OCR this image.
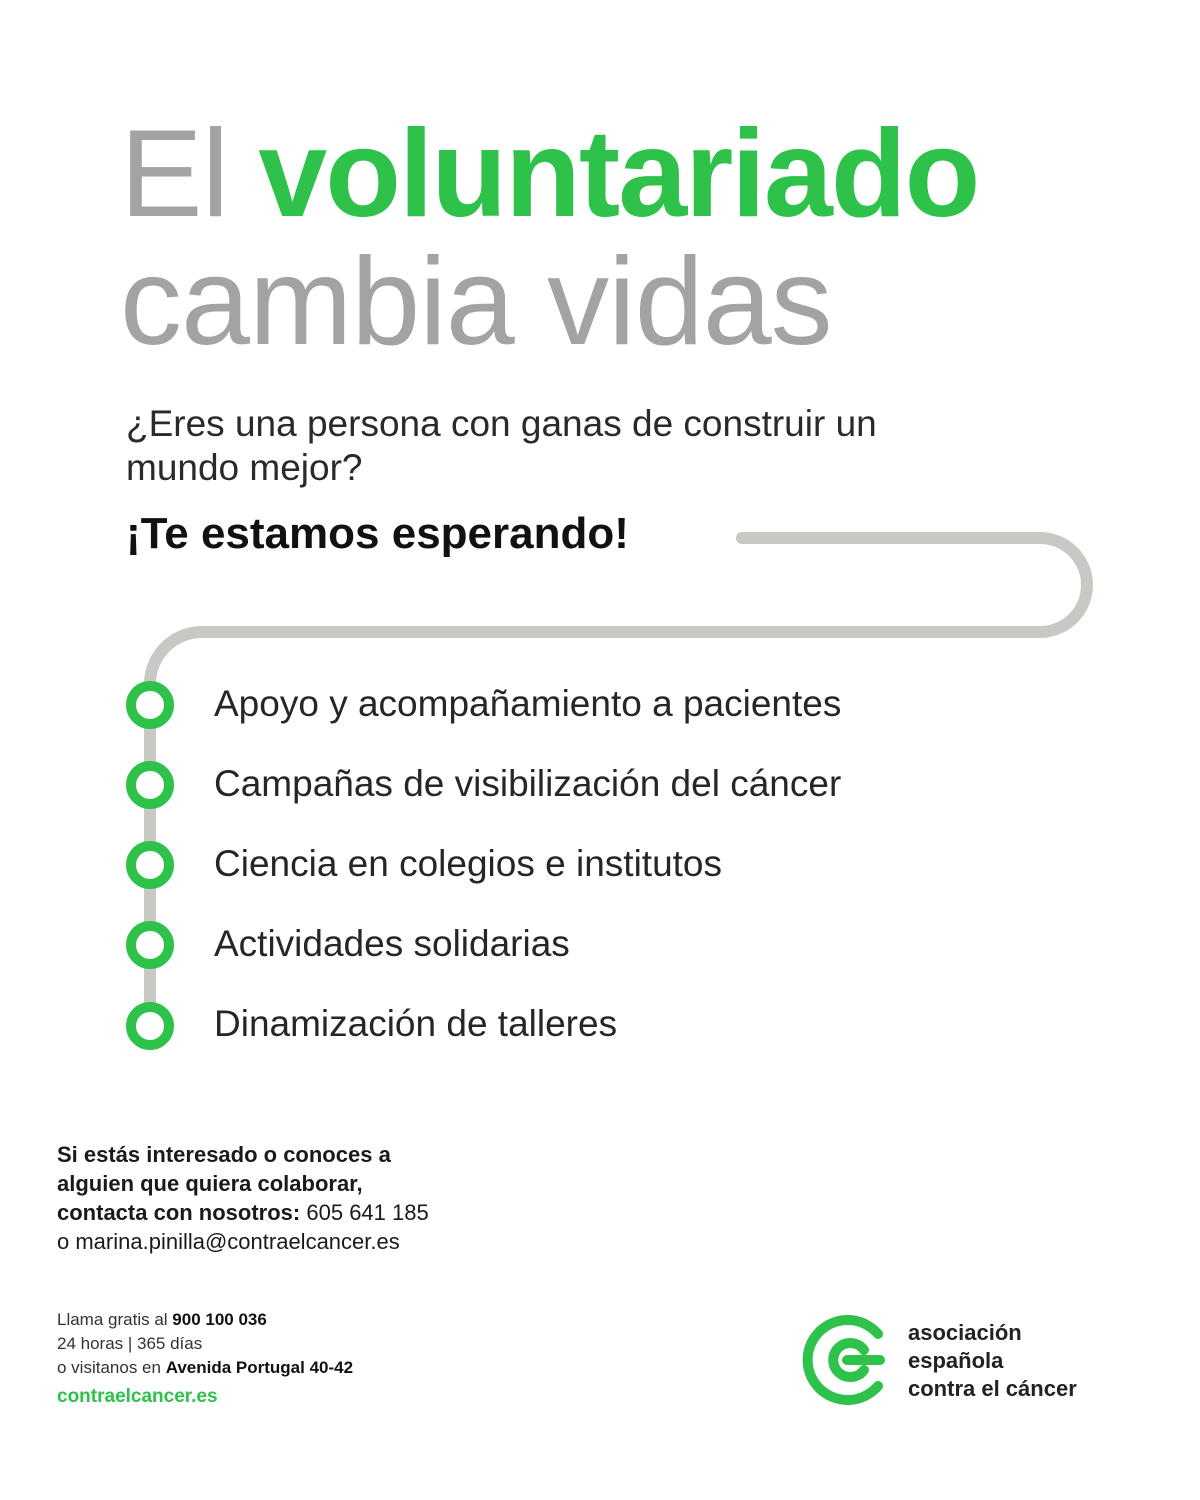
El voluntariado
cambia vidas
¿Eres una persona con ganas de construir un mundo mejor?
¡Te estamos esperando!
Apoyo y acompañamiento a pacientes
Campañas de visibilización del cáncer
Ciencia en colegios e institutos
Actividades solidarias
Dinamización de talleres
Si estás interesado o conoces a
alguien que quiera colaborar,
contacta con nosotros: 605 641 185
o marina.pinilla@contraelcancer.es
Llama gratis al 900 100 036
24 horas | 365 días
o visitanos en Avenida Portugal 40-42
contraelcancer.es
asociación
española
contra el cáncer
